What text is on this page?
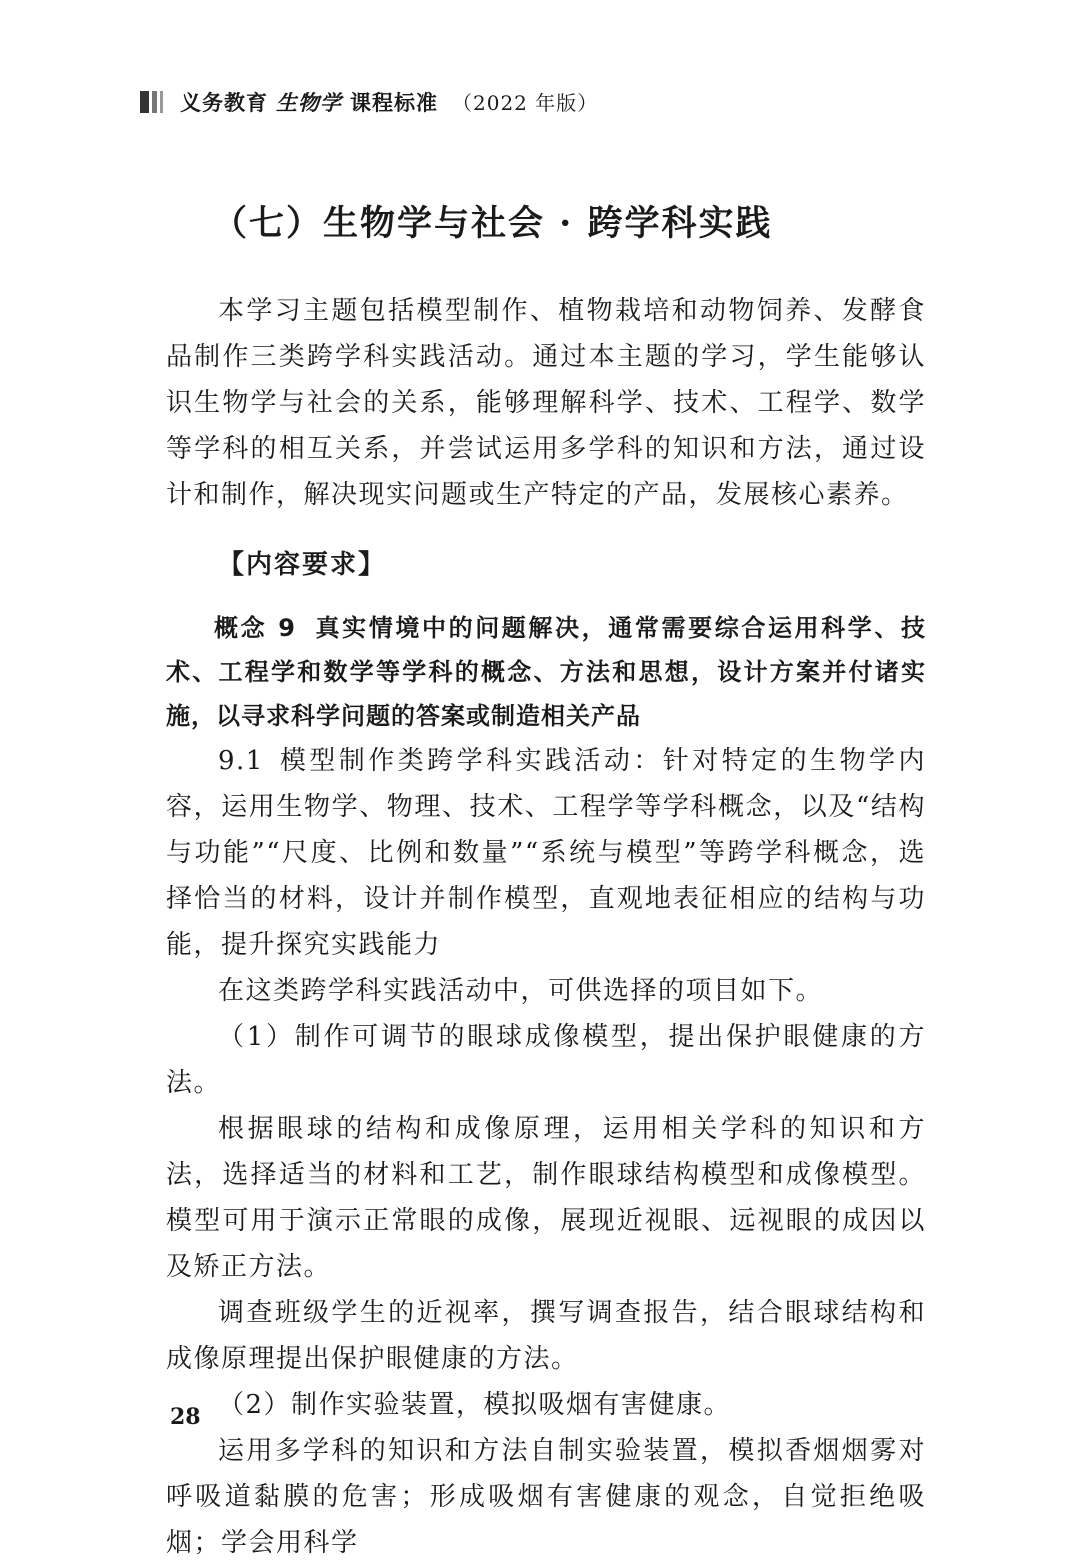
义务教育 生物学 课程标准 （2022 年版）
（七）生物学与社会 · 跨学科实践

本学习主题包括模型制作、植物栽培和动物饲养、发酵食品制作三类跨学科实践活动。通过本主题的学习，学生能够认识生物学与社会的关系，能够理解科学、技术、工程学、数学等学科的相互关系，并尝试运用多学科的知识和方法，通过设计和制作，解决现实问题或生产特定的产品，发展核心素养。

【内容要求】

概念 9 真实情境中的问题解决，通常需要综合运用科学、技术、工程学和数学等学科的概念、方法和思想，设计方案并付诸实施，以寻求科学问题的答案或制造相关产品

9.1 模型制作类跨学科实践活动：针对特定的生物学内容，运用生物学、物理、技术、工程学等学科概念，以及“结构与功能”“尺度、比例和数量”“系统与模型”等跨学科概念，选择恰当的材料，设计并制作模型，直观地表征相应的结构与功能，提升探究实践能力

在这类跨学科实践活动中，可供选择的项目如下。

（1）制作可调节的眼球成像模型，提出保护眼健康的方法。

根据眼球的结构和成像原理，运用相关学科的知识和方法，选择适当的材料和工艺，制作眼球结构模型和成像模型。模型可用于演示正常眼的成像，展现近视眼、远视眼的成因以及矫正方法。

调查班级学生的近视率，撰写调查报告，结合眼球结构和成像原理提出保护眼健康的方法。

（2）制作实验装置，模拟吸烟有害健康。

运用多学科的知识和方法自制实验装置，模拟香烟烟雾对呼吸道黏膜的危害；形成吸烟有害健康的观念，自觉拒绝吸烟；学会用科学

28
